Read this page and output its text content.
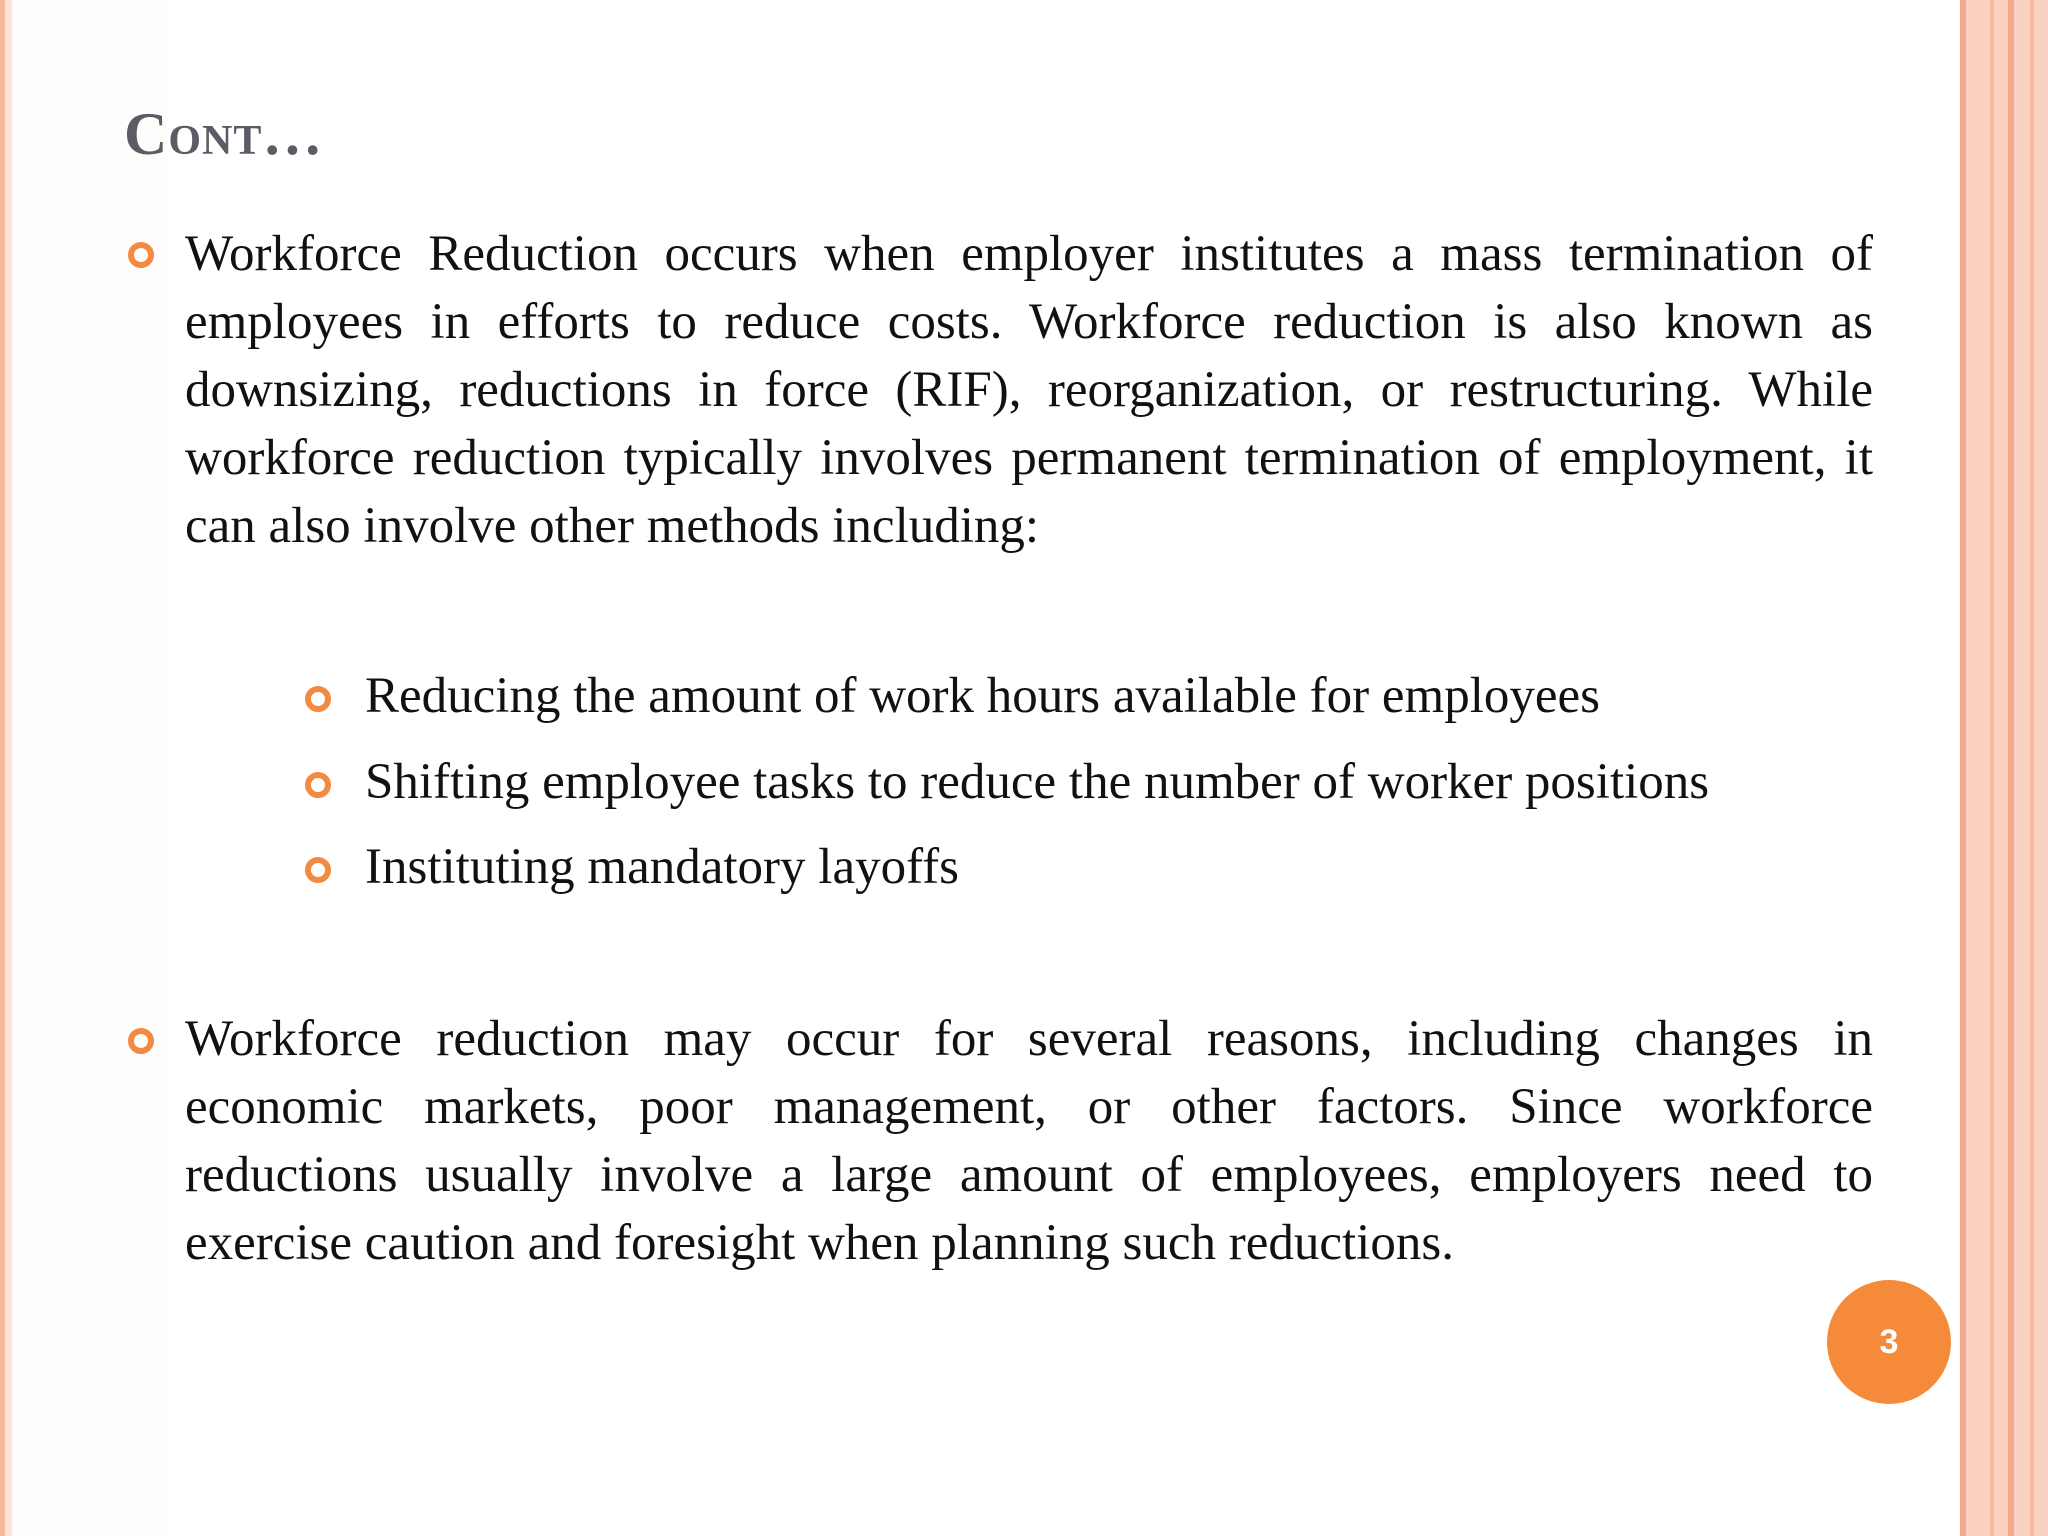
Cont…

Workforce Reduction occurs when employer institutes a mass termination of employees in efforts to reduce costs. Workforce reduction is also known as downsizing, reductions in force (RIF), reorganization, or restructuring. While workforce reduction typically involves permanent termination of employment, it can also involve other methods including:

Reducing the amount of work hours available for employees

Shifting employee tasks to reduce the number of worker positions

Instituting mandatory layoffs

Workforce reduction may occur for several reasons, including changes in economic markets, poor management, or other factors. Since workforce reductions usually involve a large amount of employees, employers need to exercise caution and foresight when planning such reductions.

3
